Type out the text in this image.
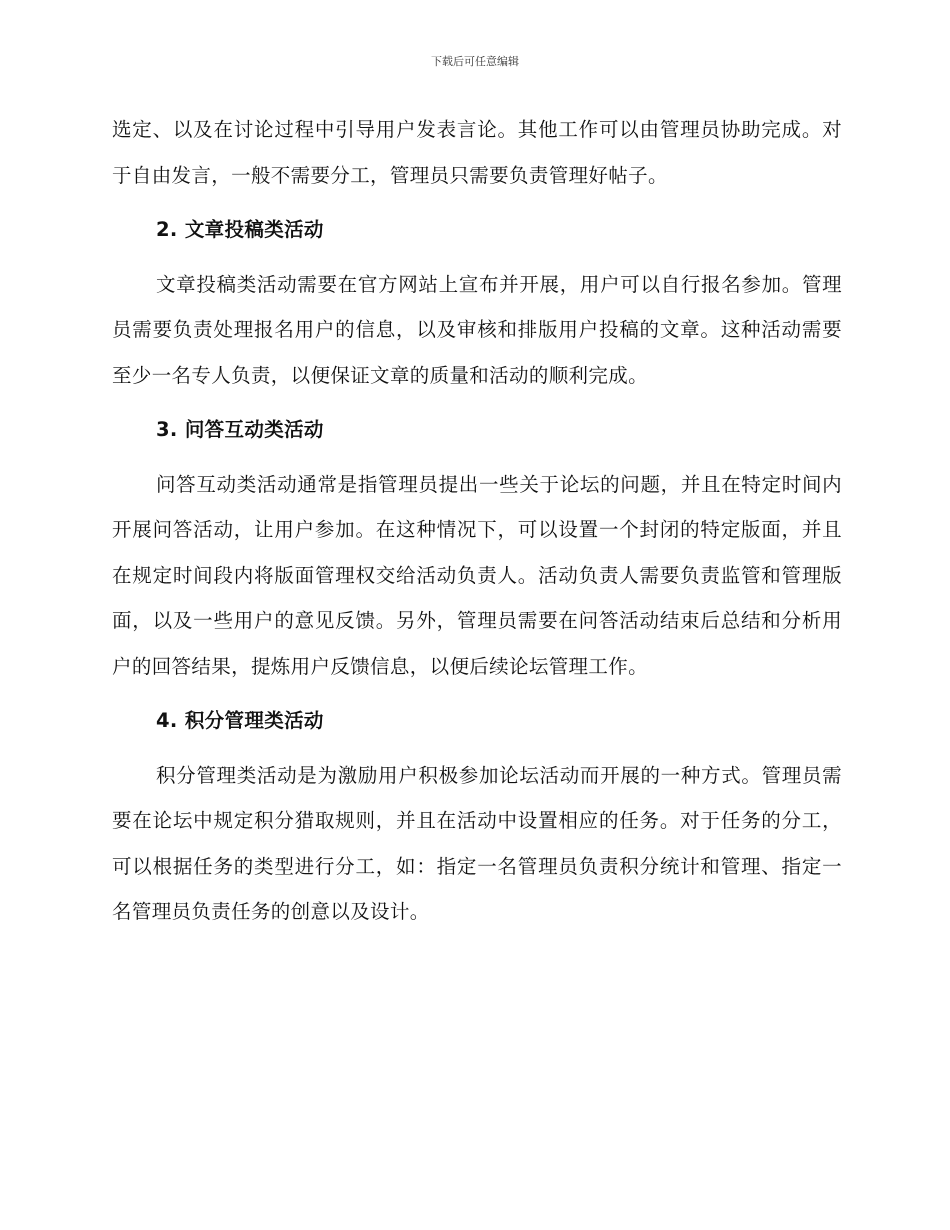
下载后可任意编辑

选定、以及在讨论过程中引导用户发表言论。其他工作可以由管理员协助完成。对于自由发言，一般不需要分工，管理员只需要负责管理好帖子。

2. 文章投稿类活动

文章投稿类活动需要在官方网站上宣布并开展，用户可以自行报名参加。管理员需要负责处理报名用户的信息，以及审核和排版用户投稿的文章。这种活动需要至少一名专人负责，以便保证文章的质量和活动的顺利完成。

3. 问答互动类活动

问答互动类活动通常是指管理员提出一些关于论坛的问题，并且在特定时间内开展问答活动，让用户参加。在这种情况下，可以设置一个封闭的特定版面，并且在规定时间段内将版面管理权交给活动负责人。活动负责人需要负责监管和管理版面，以及一些用户的意见反馈。另外，管理员需要在问答活动结束后总结和分析用户的回答结果，提炼用户反馈信息，以便后续论坛管理工作。

4. 积分管理类活动

积分管理类活动是为激励用户积极参加论坛活动而开展的一种方式。管理员需要在论坛中规定积分猎取规则，并且在活动中设置相应的任务。对于任务的分工，可以根据任务的类型进行分工，如：指定一名管理员负责积分统计和管理、指定一名管理员负责任务的创意以及设计。
